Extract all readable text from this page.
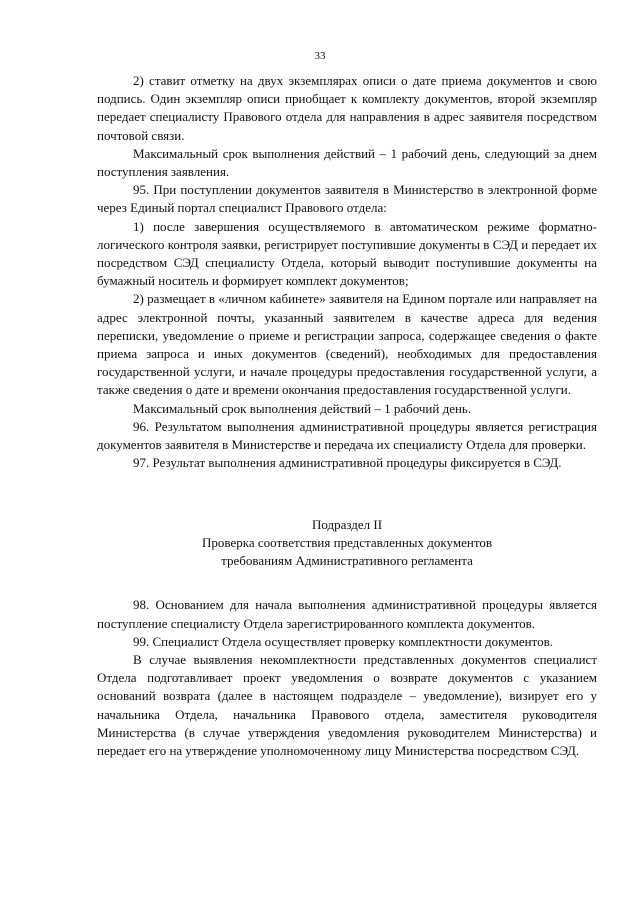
33

2) ставит отметку на двух экземплярах описи о дате приема документов и свою подпись. Один экземпляр описи приобщает к комплекту документов, второй экземпляр передает специалисту Правового отдела для направления в адрес заявителя посредством почтовой связи.

Максимальный срок выполнения действий – 1 рабочий день, следующий за днем поступления заявления.

95. При поступлении документов заявителя в Министерство в электронной форме через Единый портал специалист Правового отдела:

1) после завершения осуществляемого в автоматическом режиме форматно-логического контроля заявки, регистрирует поступившие документы в СЭД и передает их посредством СЭД специалисту Отдела, который выводит поступившие документы на бумажный носитель и формирует комплект документов;

2) размещает в «личном кабинете» заявителя на Едином портале или направляет на адрес электронной почты, указанный заявителем в качестве адреса для ведения переписки, уведомление о приеме и регистрации запроса, содержащее сведения о факте приема запроса и иных документов (сведений), необходимых для предоставления государственной услуги, и начале процедуры предоставления государственной услуги, а также сведения о дате и времени окончания предоставления государственной услуги.

Максимальный срок выполнения действий – 1 рабочий день.

96. Результатом выполнения административной процедуры является регистрация документов заявителя в Министерстве и передача их специалисту Отдела для проверки.

97. Результат выполнения административной процедуры фиксируется в СЭД.

Подраздел II
Проверка соответствия представленных документов
требованиям Административного регламента

98. Основанием для начала выполнения административной процедуры является поступление специалисту Отдела зарегистрированного комплекта документов.

99. Специалист Отдела осуществляет проверку комплектности документов.

В случае выявления некомплектности представленных документов специалист Отдела подготавливает проект уведомления о возврате документов с указанием оснований возврата (далее в настоящем подразделе – уведомление), визирует его у начальника Отдела, начальника Правового отдела, заместителя руководителя Министерства (в случае утверждения уведомления руководителем Министерства) и передает его на утверждение уполномоченному лицу Министерства посредством СЭД.
